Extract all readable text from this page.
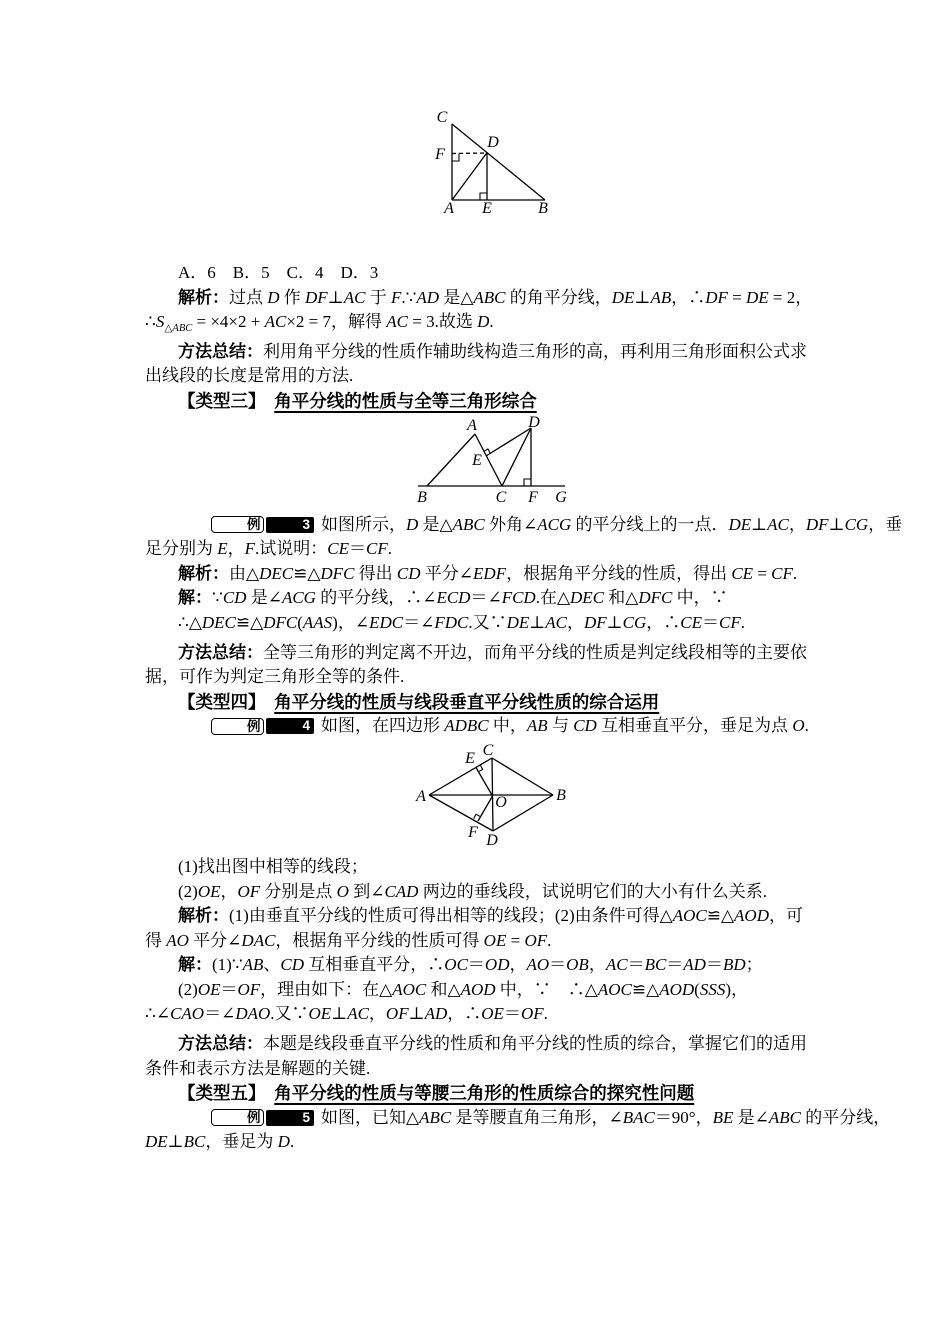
C
F
D
A E	B
A．6　B．5　C．4　D．3
解析：过点 D 作 DF⊥AC 于 F.∵AD 是△ABC 的角平分线，DE⊥AB，∴DF = DE = 2，
$\therefore S_{\triangle ABC} = \times 4\times 2 + AC\times 2 = 7$，解得 AC = 3.故选 D.
方法总结：利用角平分线的性质作辅助线构造三角形的高，再利用三角形面积公式求
出线段的长度是常用的方法.
【类型三】　 角平分线的性质与全等三角形综合
A	D
E
B	C F G
例	3 如图所示，D 是△ABC 外角∠ACG 的平分线上的一点．DE⊥AC，DF⊥CG，垂
足分别为 E，F.试说明：CE＝CF.
解析：由△DEC≌△DFC 得出 CD 平分∠EDF，根据角平分线的性质，得出 CE = CF.
解：∵CD 是∠ACG 的平分线，∴∠ECD＝∠FCD.在△DEC 和△DFC 中，∵
∴△DEC≌△DFC(AAS)，∠EDC＝∠FDC.又∵DE⊥AC，DF⊥CG，∴CE＝CF.
方法总结：全等三角形的判定离不开边，而角平分线的性质是判定线段相等的主要依
据，可作为判定三角形全等的条件.
【类型四】　 角平分线的性质与线段垂直平分线性质的综合运用
例	4 如图，在四边形 ADBC 中，AB 与 CD 互相垂直平分，垂足为点 O.
C
E
A	B
O
F D
(1)找出图中相等的线段；
(2)OE，OF 分别是点 O 到∠CAD 两边的垂线段，试说明它们的大小有什么关系.
解析：(1)由垂直平分线的性质可得出相等的线段；(2)由条件可得△AOC≌△AOD，可
得 AO 平分∠DAC，根据角平分线的性质可得 OE = OF.
解：(1)∵AB、CD 互相垂直平分，∴OC＝OD，AO＝OB，AC＝BC＝AD＝BD；
(2)OE＝OF，理由如下：在△AOC 和△AOD 中，∵　∴△AOC≌△AOD(SSS)，
∴∠CAO＝∠DAO.又∵OE⊥AC，OF⊥AD，∴OE＝OF.
方法总结：本题是线段垂直平分线的性质和角平分线的性质的综合，掌握它们的适用
条件和表示方法是解题的关键.
【类型五】　 角平分线的性质与等腰三角形的性质综合的探究性问题
例	5 如图，已知△ABC 是等腰直角三角形，∠BAC＝90°，BE 是∠ABC 的平分线，
DE⊥BC，垂足为 D.
